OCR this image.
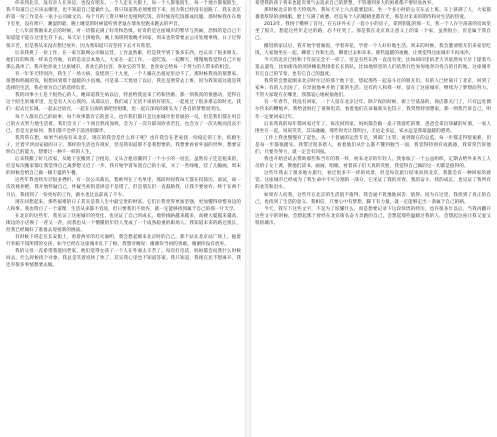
你来到北京，没有亲人在身边，也没有朋友。一个人走在大街上，每一个人都很陌生，每一个地方都很陌生，我不知道自己应该去哪里，也不知道自己能做什么。我只知道我必须要留下来，因为我已经没有退路了。我在北京的第一份工作是在一家小公司做文员，每个月的工资只够付房租和吃饭，有时候连吃饭都成问题。那时候我住在地下室里，没有窗户，潮湿阴暗，晚上睡觉的时候能听到老鼠在墙角里跑来跑去的声音。

七八年前我刚来北京的时候，对一切都充满了好奇和恐惧。好奇的是这座城市的繁华与热闹，恐惧的是自己不知道能不能在这里生存下去。每天早上挤地铁，晚上加班到很晚才回家，周末也常常要去公司处理事情。日子过得很辛苦，但是我从来没有想过放弃，因为我知道只有坚持下去才有希望。

后来我换了一份工作，在一家互联网公司做运营。工作虽然累，但是我学到了很多东西，也认识了很多朋友。他们有的和我一样来自外地，有的是北京本地人，大家在一起工作、一起吃饭、一起聊天，慢慢地我觉得自己不再那么孤单了。我开始喜欢上这座城市，喜欢它的包容，喜欢它的节奏，也喜欢它给每一个努力的人带来的机会。

有一年冬天特别冷，我生了一场大病，发烧到三十九度，一个人躺在出租屋里动不了。那时候我真的很想家，很想妈妈做的饭，很想回到那个温暖的小县城。可是第二天烧退了以后，我还是照常去上班，因为我知道这就是我选择的生活，我必须为自己的选择负责。

我的同事小王是个很热心的人，她知道我生病以后，特意给我送来了药和热粥。那一刻我真的很感动，觉得在这个陌生的城市里，还是有人关心我的。从那以后，我们成了无话不谈的好朋友，一起度过了很多难忘的时光。我们一起去过长城，一起去过故宫，一起在后海的酒吧里唱歌，也一起在深夜的街头为了各自的梦想而哭泣。

每个人都有自己的故事，每个故事都有它的意义。也许我们都只是这座城市里普通的一员，但是我们都在用自己的方式努力地生活着。我们会为了一个项目熬夜加班，会为了一次升职而欣喜若狂，也会为了一次失败而沮丧不已。但是无论如何，我们都不会停下前进的脚步。

我常常在想，如果当初没有来北京，现在的我会是什么样子呢？也许我会在老家找一份稳定的工作，结婚生子，过着平淡而安稳的日子。那样的生活也许很好，但是我知道那不是我想要的。我想要看看外面的世界，想要证明自己的能力，想要过一种不一样的人生。

后来我搬了好几次家，从地下室搬到了合租房，又从合租房搬到了一个小小的一居室。虽然房子还是租来的，但是每次搬家都让我觉得自己离梦想又近了一步。我开始学着布置自己的小家，买了一些绿植，挂了几幅画，周末的时候会给自己做一顿丰盛的午餐。

这些年我也经历过很多挫折。有一次公司裁员，我被列在了名单里，那段时间我每天都在投简历、面试，却一次次被拒绝。我开始怀疑自己，怀疑当初的选择是不是错了。但是朋友们一直鼓励我，让我不要放弃。终于在两个月后，我找到了一份更好的工作，薪水也比以前高了不少。

现在回想起来，那些艰难的日子其实是我人生中最宝贵的财富。它们让我变得更加坚强，更加懂得珍惜身边的人和事。我也明白了一个道理：生活从来都不容易，但只要我们不放弃，就一定能够找到属于自己的那一片天空。

在北京的这些年，我见证了这座城市的变化，也见证了自己的成长。地铁线路越来越多，高楼大厦越来越高，街边的小店换了一茬又一茬，而我也从一个懵懂的年轻人变成了一个成熟稳重的职场人。我知道未来的路还很长，但我已经做好了准备去迎接新的挑战。

有时候下班走在长安街上，看着两旁的灯火通明，我会想起刚来北京时的自己。那个站在北京站广场上，拖着行李箱不知所措的女孩，如今已经在这座城市扎下了根。我想对她说：谢谢你当初的勇敢，谢谢你没有放弃。

我的父母一直希望我能回老家，他们觉得女孩子一个人在外面太辛苦了。每次打电话，妈妈都会问我什么时候回去，什么时候找个对象。我总是笑着说快了快了，其实我心里也不知道答案。我只知道，我现在还不想离开，我还有很多事情想要去做。

希望我的孩子将来也能有勇气去追求自己的梦想，不管遇到多大的困难都不要轻易放弃。

那时候北京的冬天特别冷，我每天早上六点就要起床，坐一个多小时的公交车去上班。车上挤满了人，大家都裹着厚厚的羽绒服，脸上写满了疲惫。但是每个人的眼睛里都有光，那是对未来的期待和对生活的热爱。

2013年，我终于攒够了首付，在五环外买了一套小小的房子。拿到钥匙的那一天，我一个人在空荡荡的房间里坐了很久，想起这些年走过的路，忍不住哭了。那是我在北京真正意义上的第一个家，虽然很小，但是属于我自己。

搬进新家以后，我开始学着做饭，学着养花，学着一个人好好地生活。周末的时候，我会邀请朋友们来家里吃饭，大家围坐在一起，聊着工作和生活，聊着过去和未来。那些温暖的夜晚，让我觉得这座城市不再冰冷。

今天的北京已经和十年前完全不一样了，但是有些东西一直没有变。比如胡同里的老大爷依然每天早上提着鸟笼去遛弯，比如街角的煎饼摊依然排着长长的队，比如地铁里的人们依然行色匆匆地奔向各自的目的地。这座城市有它自己的节奏，也有它自己的温度。

我常常会想起刚来北京时住过的那个地下室，想起那些一起奋斗过的朋友们。有的人已经离开了北京，回到了家乡；有的人出国了，在异国他乡开始了新的生活；还有的人和我一样，留在了这座城市，继续为了梦想而努力。不管大家现在在哪里，我都衷心地祝福他们。

有一年春节，我没有回家，一个人留在北京过年。除夕夜的时候，街上空荡荡的，商店都关门了，只有远处偶尔传来的鞭炮声。我给爸妈打了视频电话，看着他们在屏幕那头包饺子，我突然特别想家。那一刻我告诉自己，明年一定要回家过年。

后来我真的每年都回家过年了。每次回到家，妈妈都会做一桌子我爱吃的菜，爸爸会拿出珍藏的好酒，一家人围坐在一起，说说笑笑，其乐融融。那些时光让我明白，无论走多远，家永远是我最温暖的港湾。

工作上我也慢慢有了起色。从一个普通的运营专员，到部门主管，再到现在的总监，每一步都走得很艰难，但是每一步都很踏实。我带过很多新人，看着他们从什么都不懂到独当一面，我觉得特别有成就感。我常常告诉他们，只要肯努力，就一定会有回报。

我也开始尝试去帮助那些和当年的我一样，初来北京的年轻人。我参加了一个公益组织，定期去给外来务工人员的子女上课，教他们读书、画画、唱歌。看着孩子们天真的笑脸，我觉得自己做的这一切都是值得的。

这些年我去了很多地方旅行，看过很多不一样的风景，但是每次旅行结束回到北京，我都会有一种回家的感觉。这座城市已经成为了我生命中不可分割的一部分，它见证了我的青春，我的奋斗，我的成长，也见证了我所有的欢笑和泪水。

如果有人问我，这些年在北京的生活值不值得，我会毫不犹豫地回答：值得。因为在这里，我找到了真正的自己，也找到了生活的意义。我相信，只要心中有梦想，脚下有力量，就一定能够走出一条属于自己的路。

今天，我写下这些文字，不是为了炫耀什么，而是想要记录下这段珍贵的经历。也许很多年以后，当我再翻开这些文字的时候，会想起那个曾经在北京街头奋力奔跑的自己，会想起那些温暖过我的人，会想起这座让我又爱又恨的城市。
